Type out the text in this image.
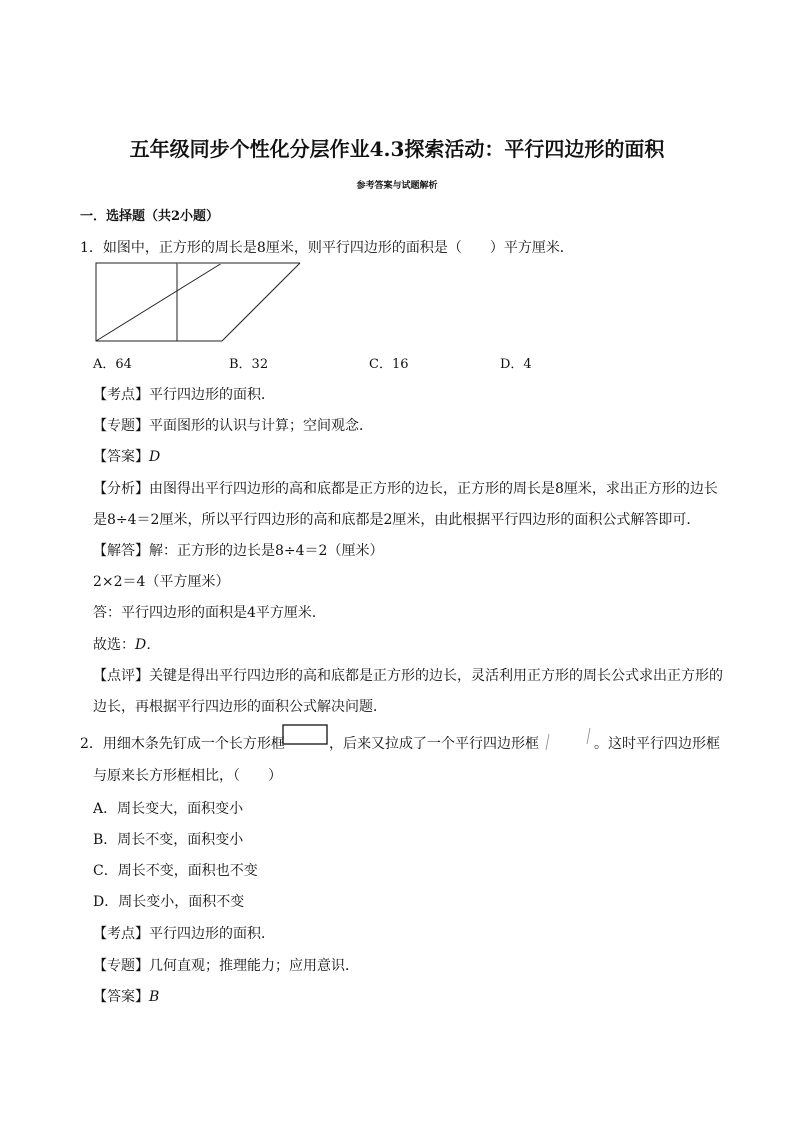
五年级同步个性化分层作业4.3探索活动：平行四边形的面积
参考答案与试题解析
一．选择题（共2小题）
1．如图中，正方形的周长是8厘米，则平行四边形的面积是（　　）平方厘米．
A．64	B．32	C．16	D．4
【考点】平行四边形的面积．
【专题】平面图形的认识与计算；空间观念．
【答案】D
【分析】由图得出平行四边形的高和底都是正方形的边长，正方形的周长是8厘米，求出正方形的边长
是8÷4＝2厘米，所以平行四边形的高和底都是2厘米，由此根据平行四边形的面积公式解答即可．
【解答】解：正方形的边长是8÷4＝2（厘米）
2×2＝4（平方厘米）
答：平行四边形的面积是4平方厘米．
故选：D．
【点评】关键是得出平行四边形的高和底都是正方形的边长，灵活利用正方形的周长公式求出正方形的
边长，再根据平行四边形的面积公式解决问题．
2．用细木条先钉成一个长方形框	，后来又拉成了一个平行四边形框	。这时平行四边形框
与原来长方形框相比，（　　）
A．周长变大，面积变小
B．周长不变，面积变小
C．周长不变，面积也不变
D．周长变小，面积不变
【考点】平行四边形的面积．
【专题】几何直观；推理能力；应用意识．
【答案】B
